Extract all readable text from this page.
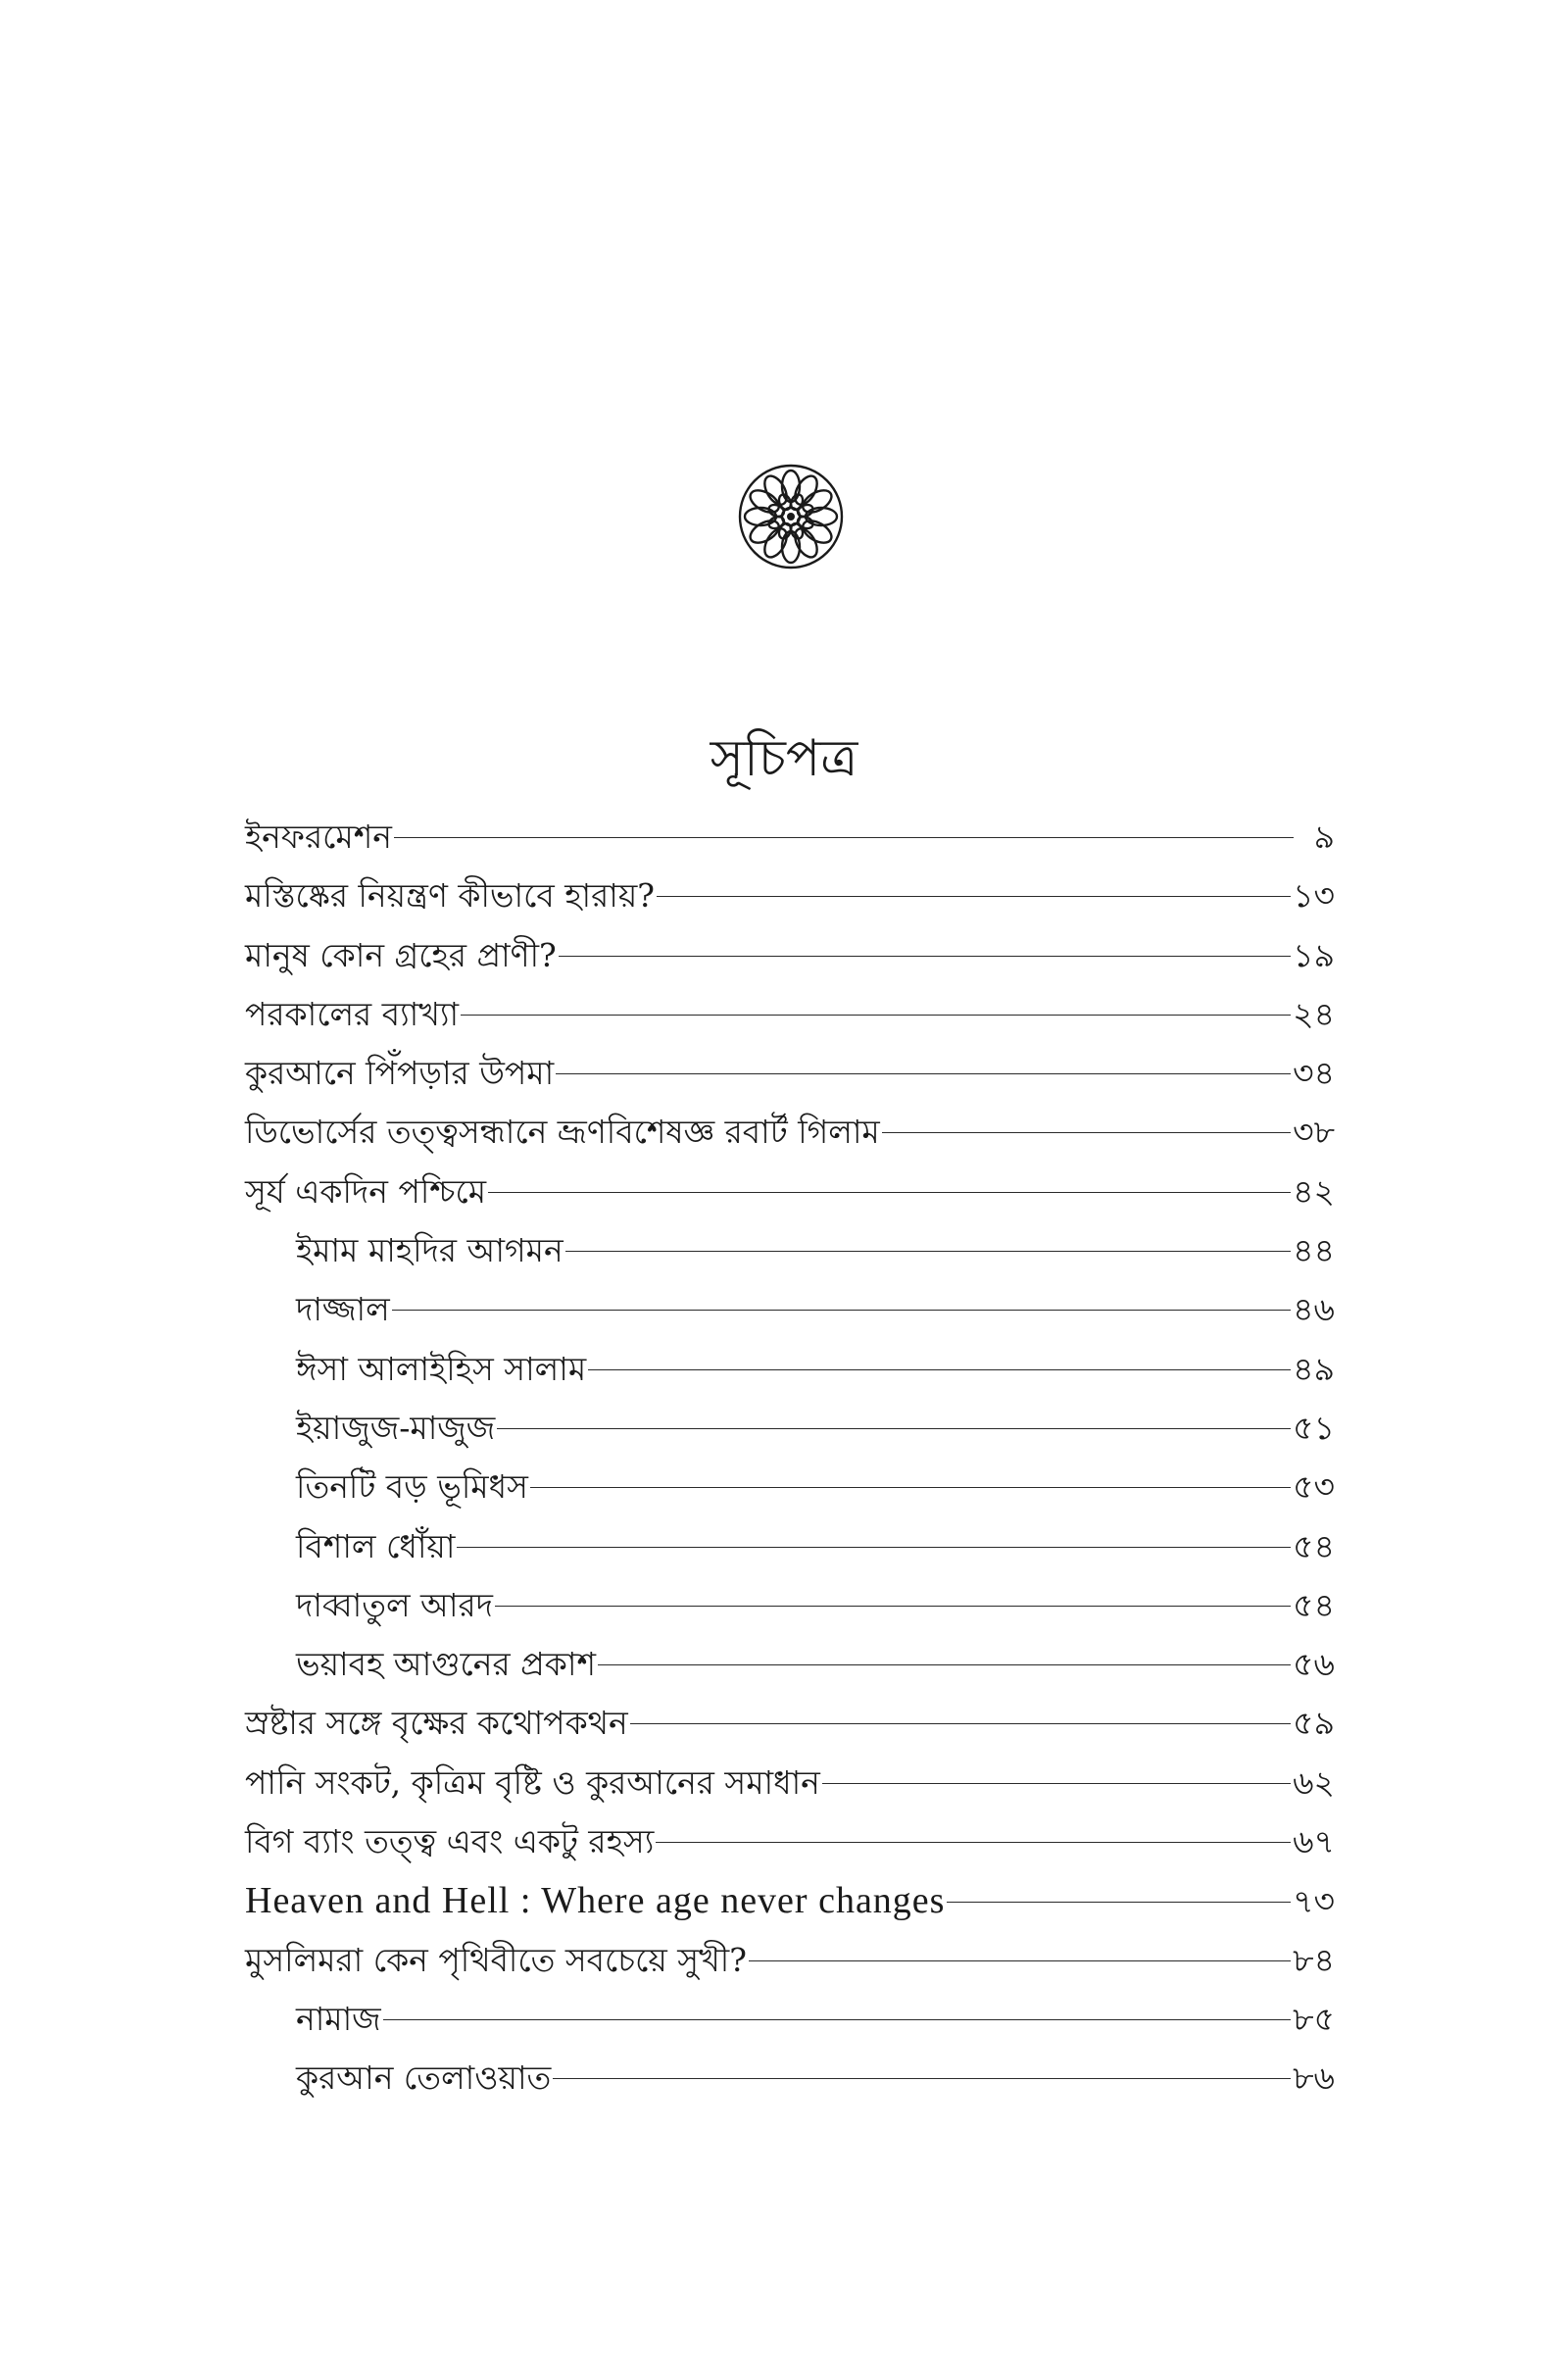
সূচিপত্র
ইনফরমেশন	৯
মস্তিষ্কের নিয়ন্ত্রণ কীভাবে হারায়?	১৩
মানুষ কোন গ্রহের প্রাণী?	১৯
পরকালের ব্যাখ্যা	২৪
কুরআনে পিঁপড়ার উপমা	৩৪
ডিভোর্সের তত্ত্বসন্ধানে ভ্রূণবিশেষজ্ঞ রবার্ট গিলাম	৩৮
সূর্য একদিন পশ্চিমে	৪২
ইমাম মাহদির আগমন	৪৪
দাজ্জাল	৪৬
ঈসা আলাইহিস সালাম	৪৯
ইয়াজুজ-মাজুজ	৫১
তিনটি বড় ভূমিধস	৫৩
বিশাল ধোঁয়া	৫৪
দাব্বাতুল আরদ	৫৪
ভয়াবহ আগুনের প্রকাশ	৫৬
স্রষ্টার সঙ্গে বৃক্ষের কথোপকথন	৫৯
পানি সংকট, কৃত্রিম বৃষ্টি ও কুরআনের সমাধান	৬২
বিগ ব্যাং তত্ত্ব এবং একটু রহস্য	৬৭
Heaven and Hell : Where age never changes	৭৩
মুসলিমরা কেন পৃথিবীতে সবচেয়ে সুখী?	৮৪
নামাজ	৮৫
কুরআন তেলাওয়াত	৮৬
